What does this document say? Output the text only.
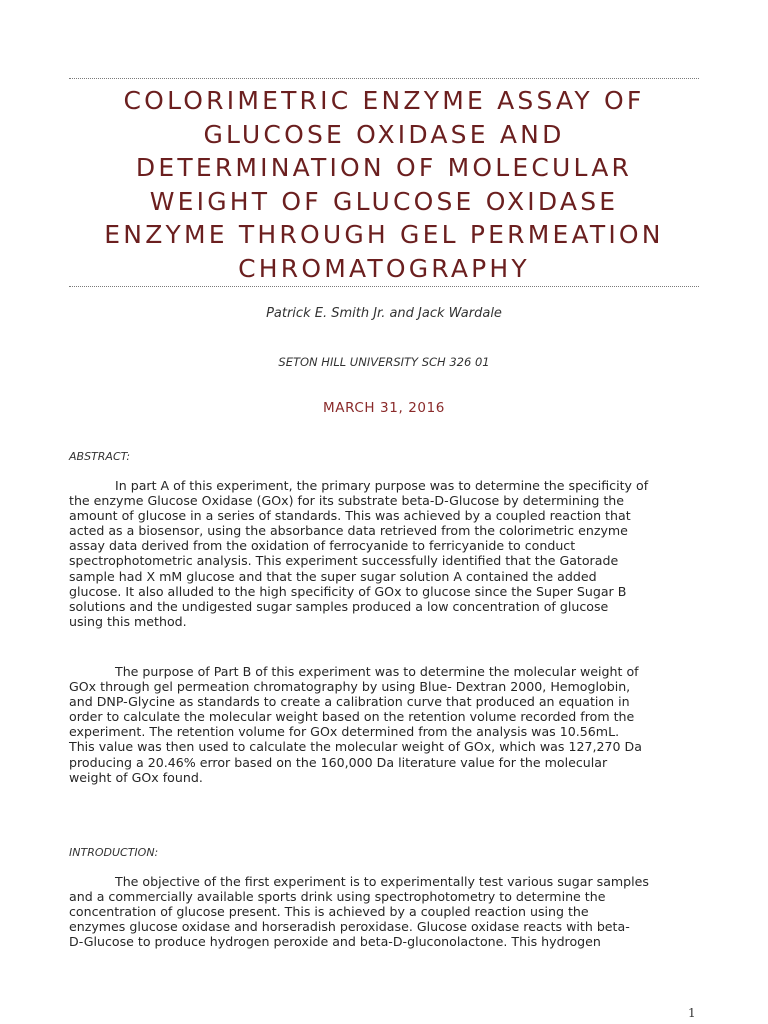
COLORIMETRIC ENZYME ASSAY OF
GLUCOSE OXIDASE AND
DETERMINATION OF MOLECULAR
WEIGHT OF GLUCOSE OXIDASE
ENZYME THROUGH GEL PERMEATION
CHROMATOGRAPHY
Patrick E. Smith Jr. and Jack Wardale
SETON HILL UNIVERSITY SCH 326 01
MARCH 31, 2016
ABSTRACT:
In part A of this experiment, the primary purpose was to determine the specificity of
the enzyme Glucose Oxidase (GOx) for its substrate beta-D-Glucose by determining the
amount of glucose in a series of standards. This was achieved by a coupled reaction that
acted as a biosensor, using the absorbance data retrieved from the colorimetric enzyme
assay data derived from the oxidation of ferrocyanide to ferricyanide to conduct
spectrophotometric analysis. This experiment successfully identified that the Gatorade
sample had X mM glucose and that the super sugar solution A contained the added
glucose. It also alluded to the high specificity of GOx to glucose since the Super Sugar B
solutions and the undigested sugar samples produced a low concentration of glucose
using this method.
The purpose of Part B of this experiment was to determine the molecular weight of
GOx through gel permeation chromatography by using Blue- Dextran 2000, Hemoglobin,
and DNP-Glycine as standards to create a calibration curve that produced an equation in
order to calculate the molecular weight based on the retention volume recorded from the
experiment. The retention volume for GOx determined from the analysis was 10.56mL.
This value was then used to calculate the molecular weight of GOx, which was 127,270 Da
producing a 20.46% error based on the 160,000 Da literature value for the molecular
weight of GOx found.
INTRODUCTION:
The objective of the first experiment is to experimentally test various sugar samples
and a commercially available sports drink using spectrophotometry to determine the
concentration of glucose present. This is achieved by a coupled reaction using the
enzymes glucose oxidase and horseradish peroxidase. Glucose oxidase reacts with beta-
D-Glucose to produce hydrogen peroxide and beta-D-gluconolactone. This hydrogen
1
